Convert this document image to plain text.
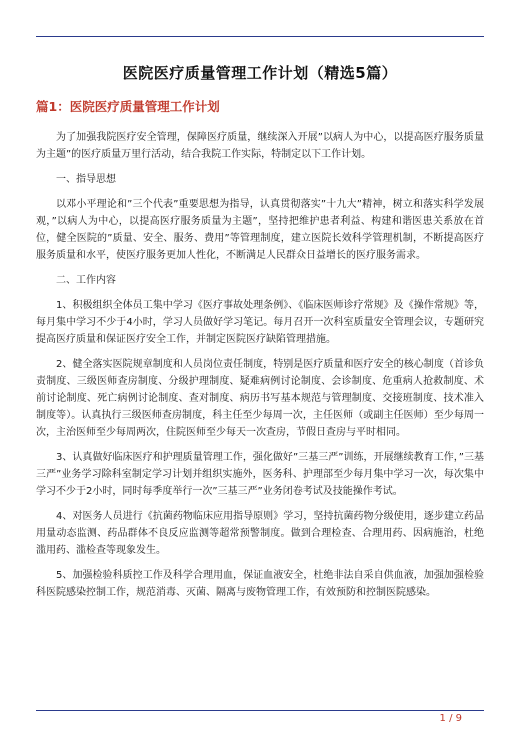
医院医疗质量管理工作计划（精选5篇）
篇1：医院医疗质量管理工作计划

为了加强我院医疗安全管理，保障医疗质量，继续深入开展”以病人为中心，以提高医疗服务质量为主题”的医疗质量万里行活动，结合我院工作实际，特制定以下工作计划。

一、指导思想

以邓小平理论和”三个代表”重要思想为指导，认真贯彻落实”十九大”精神，树立和落实科学发展观，”以病人为中心，以提高医疗服务质量为主题”，坚持把维护患者利益、构建和谐医患关系放在首位，健全医院的”质量、安全、服务、费用”等管理制度，建立医院长效科学管理机制，不断提高医疗服务质量和水平，使医疗服务更加人性化，不断满足人民群众日益增长的医疗服务需求。

二、工作内容

1、积极组织全体员工集中学习《医疗事故处理条例》、《临床医师诊疗常规》及《操作常规》等，每月集中学习不少于4小时，学习人员做好学习笔记。每月召开一次科室质量安全管理会议，专题研究提高医疗质量和保证医疗安全工作，并制定医院医疗缺陷管理措施。

2、健全落实医院规章制度和人员岗位责任制度，特别是医疗质量和医疗安全的核心制度（首诊负责制度、三级医师查房制度、分级护理制度、疑难病例讨论制度、会诊制度、危重病人抢救制度、术前讨论制度、死亡病例讨论制度、查对制度、病历书写基本规范与管理制度、交接班制度、技术准入制度等）。认真执行三级医师查房制度，科主任至少每周一次，主任医师（或副主任医师）至少每周一次，主治医师至少每周两次，住院医师至少每天一次查房，节假日查房与平时相同。

3、认真做好临床医疗和护理质量管理工作，强化做好”三基三严”训练，开展继续教育工作，”三基三严”业务学习除科室制定学习计划并组织实施外，医务科、护理部至少每月集中学习一次，每次集中学习不少于2小时，同时每季度举行一次”三基三严”业务闭卷考试及技能操作考试。

4、对医务人员进行《抗菌药物临床应用指导原则》学习，坚持抗菌药物分级使用，逐步建立药品用量动态监测、药品群体不良反应监测等超常预警制度。做到合理检查、合理用药、因病施治，杜绝滥用药、滥检查等现象发生。

5、加强检验科质控工作及科学合理用血，保证血液安全，杜绝非法自采自供血液，加强加强检验科医院感染控制工作，规范消毒、灭菌、隔离与废物管理工作，有效预防和控制医院感染。

1 / 9
